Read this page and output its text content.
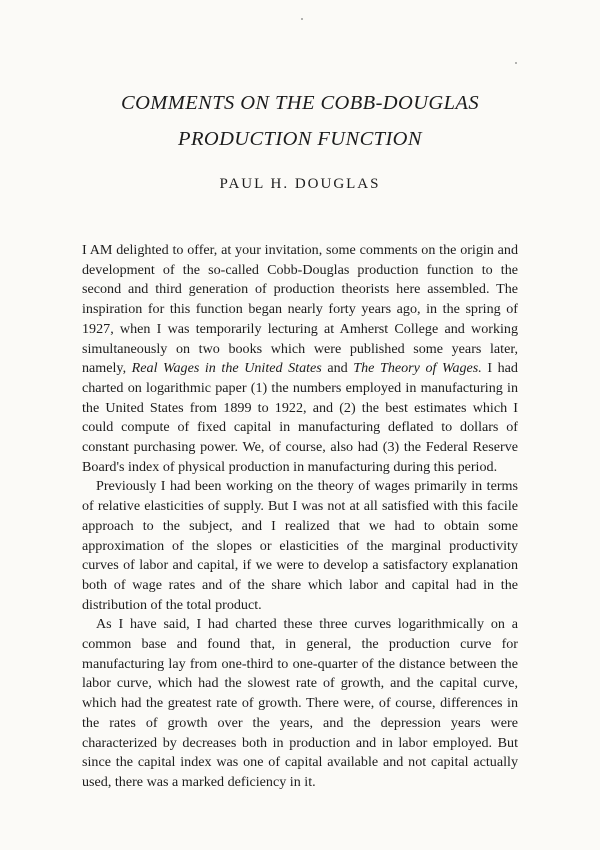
COMMENTS ON THE COBB-DOUGLAS
PRODUCTION FUNCTION
PAUL H. DOUGLAS

I AM delighted to offer, at your invitation, some comments on the origin and development of the so-called Cobb-Douglas production function to the second and third generation of production theorists here assembled. The inspiration for this function began nearly forty years ago, in the spring of 1927, when I was temporarily lecturing at Amherst College and working simultaneously on two books which were published some years later, namely, Real Wages in the United States and The Theory of Wages. I had charted on logarithmic paper (1) the numbers employed in manufacturing in the United States from 1899 to 1922, and (2) the best estimates which I could compute of fixed capital in manufacturing deflated to dollars of constant purchasing power. We, of course, also had (3) the Federal Reserve Board's index of physical production in manufacturing during this period.

Previously I had been working on the theory of wages primarily in terms of relative elasticities of supply. But I was not at all satisfied with this facile approach to the subject, and I realized that we had to obtain some approximation of the slopes or elasticities of the marginal productivity curves of labor and capital, if we were to develop a satisfactory explanation both of wage rates and of the share which labor and capital had in the distribution of the total product.

As I have said, I had charted these three curves logarithmically on a common base and found that, in general, the production curve for manufacturing lay from one-third to one-quarter of the distance between the labor curve, which had the slowest rate of growth, and the capital curve, which had the greatest rate of growth. There were, of course, differences in the rates of growth over the years, and the depression years were characterized by decreases both in production and in labor employed. But since the capital index was one of capital available and not capital actually used, there was a marked deficiency in it.
